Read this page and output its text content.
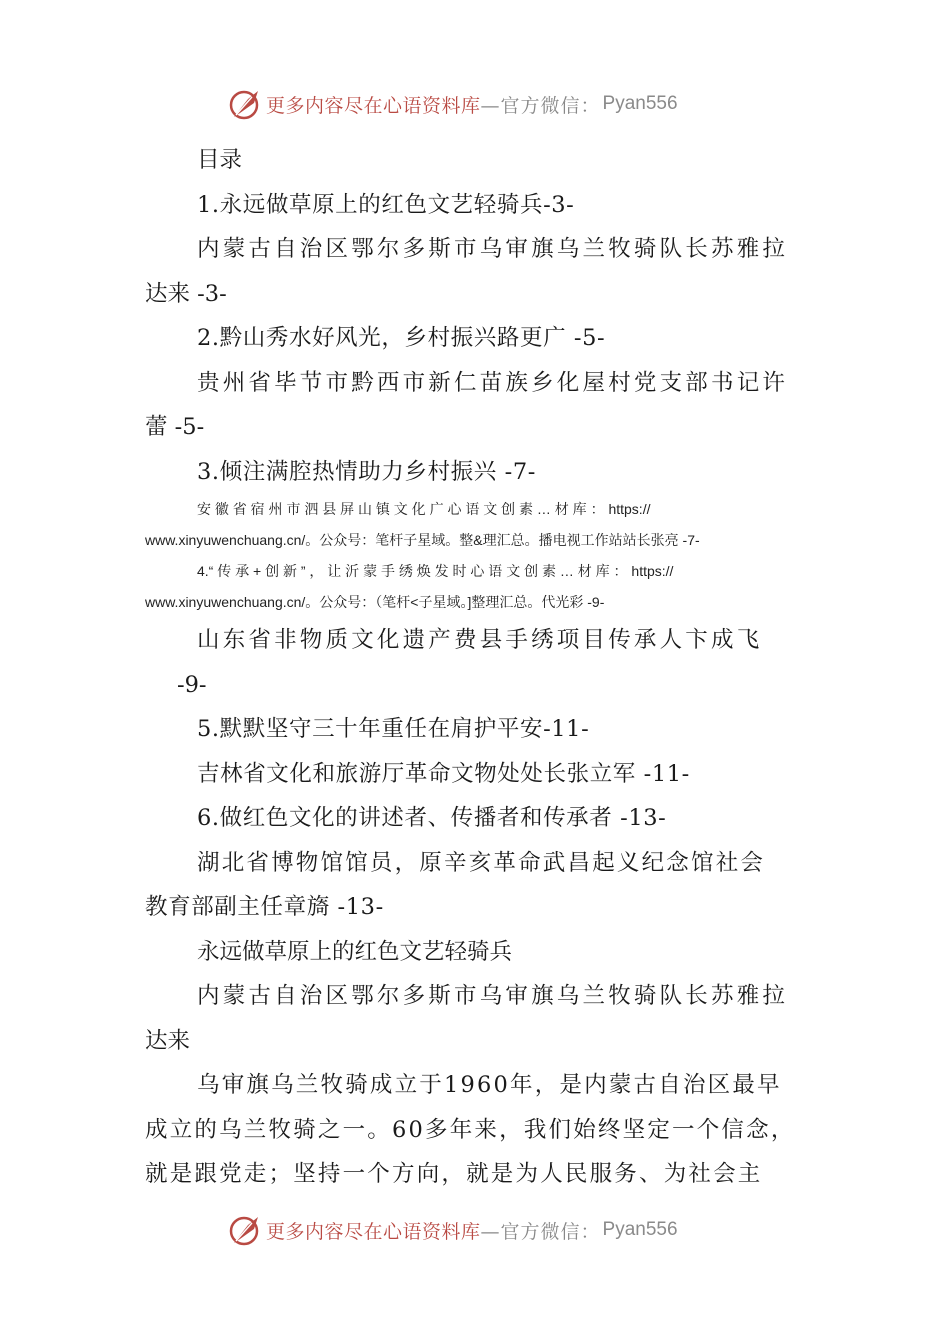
更多内容尽在心语资料库 —官方微信： Pyan556
目录
1.永远做草原上的红色文艺轻骑兵-3-
内蒙古自治区鄂尔多斯市乌审旗乌兰牧骑队长苏雅拉
达来 -3-
2.黔山秀水好风光，乡村振兴路更广 -5-
贵州省毕节市黔西市新仁苗族乡化屋村党支部书记许
蕾 -5-
3.倾注满腔热情助力乡村振兴 -7-
安 徽 省 宿 州 市 泗 县 屏 山 镇 文 化 广 心 语 文 创 素 … 材 库 ： https://
www.xinyuwenchuang.cn/。公众号：笔杆子星域。整&理汇总。播电视工作站站长张亮 -7-
4.“ 传 承 + 创 新 ” ， 让 沂 蒙 手 绣 焕 发 时 心 语 文 创 素 … 材 库 ： https://
www.xinyuwenchuang.cn/。公众号：（笔杆<子星域。]整理汇总。代光彩 -9-
山东省非物质文化遗产费县手绣项目传承人卞成飞
-9-
5.默默坚守三十年重任在肩护平安-11-
吉林省文化和旅游厅革命文物处处长张立军 -11-
6.做红色文化的讲述者、传播者和传承者 -13-
湖北省博物馆馆员，原辛亥革命武昌起义纪念馆社会
教育部副主任章旖 -13-
永远做草原上的红色文艺轻骑兵
内蒙古自治区鄂尔多斯市乌审旗乌兰牧骑队长苏雅拉
达来
乌审旗乌兰牧骑成立于1960年，是内蒙古自治区最早
成立的乌兰牧骑之一。60多年来，我们始终坚定一个信念，
就是跟党走；坚持一个方向，就是为人民服务、为社会主
更多内容尽在心语资料库 —官方微信： Pyan556
